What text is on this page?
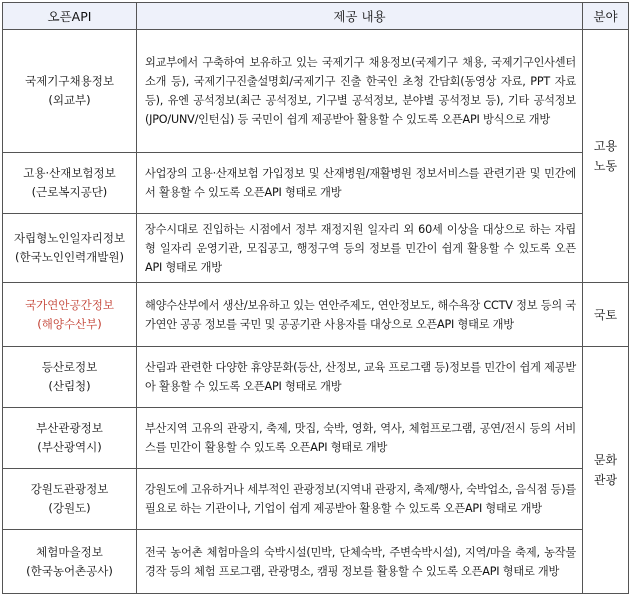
오픈API	제공 내용	분야

국제기구채용정보
(외교부)	외교부에서 구축하여 보유하고 있는 국제기구 채용정보(국제기구 채용, 국제기구인사센터 소개 등), 국제기구진출설명회/국제기구 진출 한국인 초청 간담회(동영상 자료, PPT 자료 등), 유엔 공석정보(최근 공석정보, 기구별 공석정보, 분야별 공석정보 등), 기타 공석정보(JPO/UNV/인턴십) 등 국민이 쉽게 제공받아 활용할 수 있도록 오픈API 방식으로 개방	고용
노동

고용·산재보험정보
(근로복지공단)	사업장의 고용·산재보험 가입정보 및 산재병원/재활병원 정보서비스를 관련기관 및 민간에서 활용할 수 있도록 오픈API 형태로 개방	

자립형노인일자리정보
(한국노인인력개발원)	장수시대로 진입하는 시점에서 정부 재정지원 일자리 외 60세 이상을 대상으로 하는 자립형 일자리 운영기관, 모집공고, 행정구역 등의 정보를 민간이 쉽게 활용할 수 있도록 오픈API 형태로 개방	

국가연안공간정보
(해양수산부)	해양수산부에서 생산/보유하고 있는 연안주제도, 연안정보도, 해수욕장 CCTV 정보 등의 국가연안 공공 정보를 국민 및 공공기관 사용자를 대상으로 오픈API 형태로 개방	국토

등산로정보
(산림청)	산림과 관련한 다양한 휴양문화(등산, 산정보, 교육 프로그램 등)정보를 민간이 쉽게 제공받아 활용할 수 있도록 오픈API 형태로 개방	문화
관광

부산관광정보
(부산광역시)	부산지역 고유의 관광지, 축제, 맛집, 숙박, 영화, 역사, 체험프로그램, 공연/전시 등의 서비스를 민간이 활용할 수 있도록 오픈API 형태로 개방	

강원도관광정보
(강원도)	강원도에 고유하거나 세부적인 관광정보(지역내 관광지, 축제/행사, 숙박업소, 음식점 등)를 필요로 하는 기관이나, 기업이 쉽게 제공받아 활용할 수 있도록 오픈API 형태로 개방	

체험마을정보
(한국농어촌공사)	전국 농어촌 체험마을의 숙박시설(민박, 단체숙박, 주변숙박시설), 지역/마을 축제, 농작물경작 등의 체험 프로그램, 관광명소, 캠핑 정보를 활용할 수 있도록 오픈API 형태로 개방	
